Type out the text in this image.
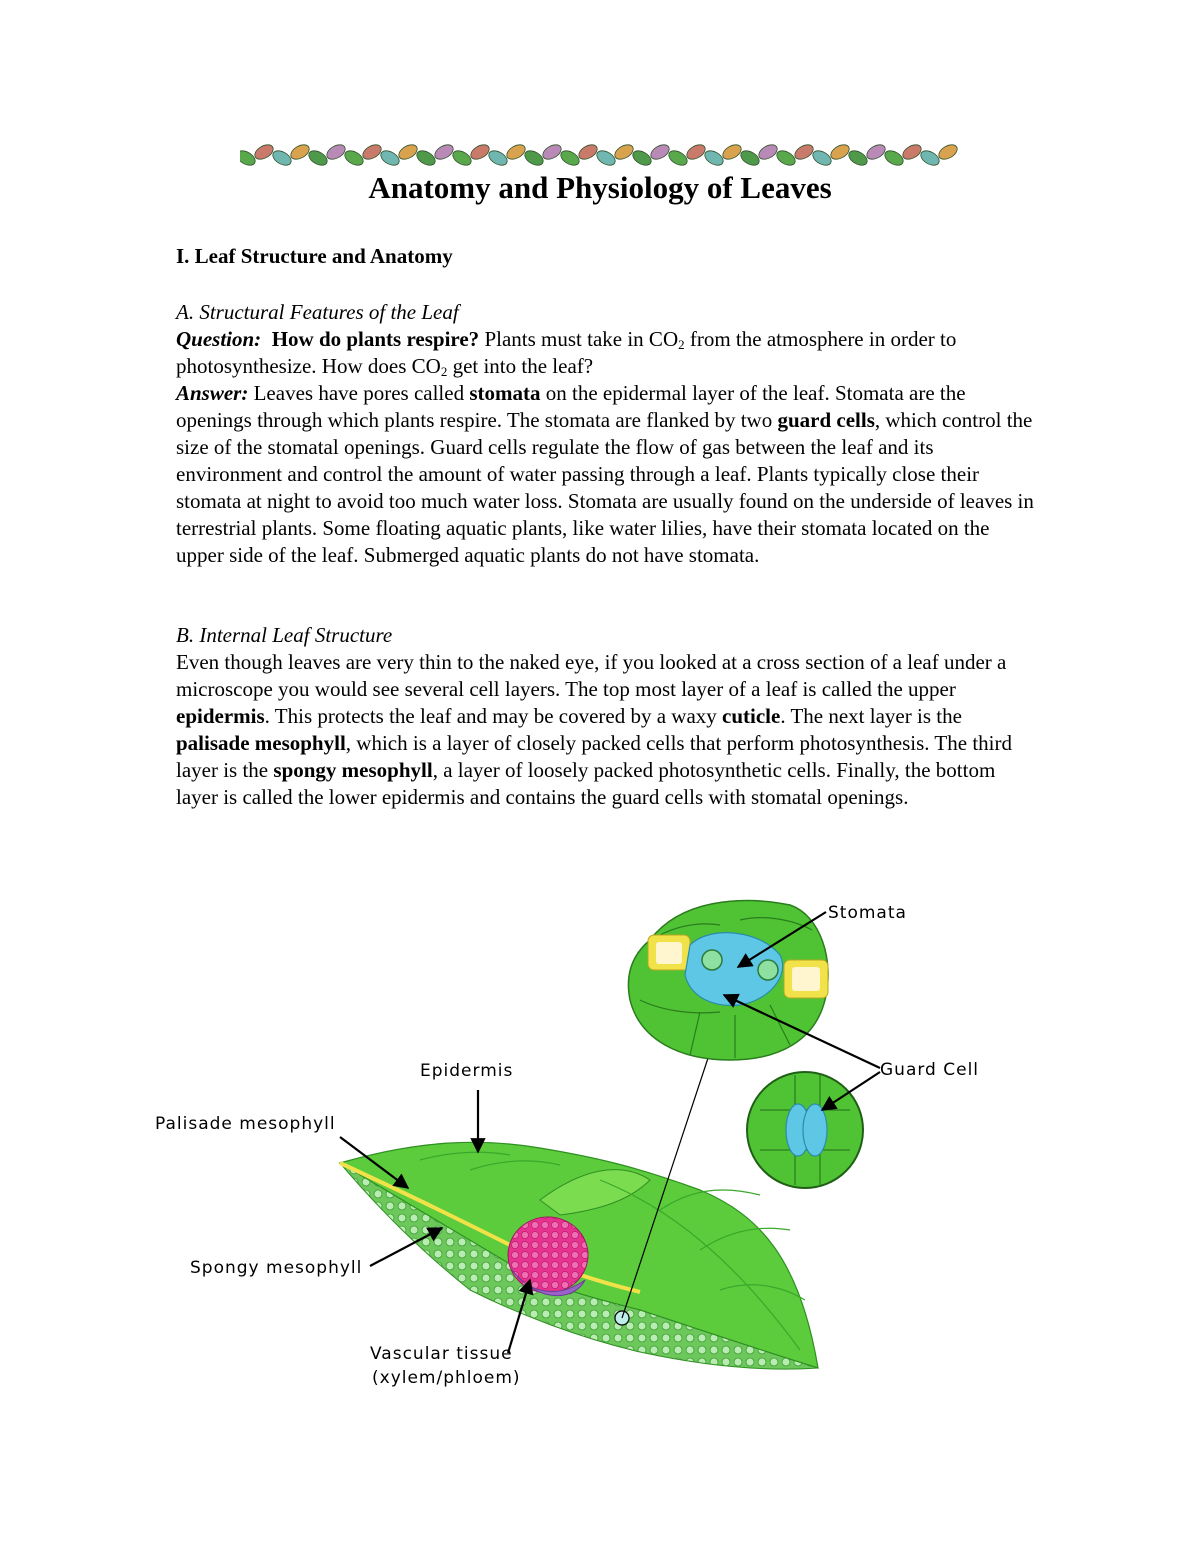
Anatomy and Physiology of Leaves
I. Leaf Structure and Anatomy
A. Structural Features of the Leaf
Question: How do plants respire? Plants must take in $CO_2$ from the atmosphere in order to photosynthesize. How does $CO_2$ get into the leaf?
Answer: Leaves have pores called stomata on the epidermal layer of the leaf. Stomata are the openings through which plants respire. The stomata are flanked by two guard cells, which control the size of the stomatal openings. Guard cells regulate the flow of gas between the leaf and its environment and control the amount of water passing through a leaf. Plants typically close their stomata at night to avoid too much water loss. Stomata are usually found on the underside of leaves in terrestrial plants. Some floating aquatic plants, like water lilies, have their stomata located on the upper side of the leaf. Submerged aquatic plants do not have stomata.
B. Internal Leaf Structure
Even though leaves are very thin to the naked eye, if you looked at a cross section of a leaf under a microscope you would see several cell layers. The top most layer of a leaf is called the upper epidermis. This protects the leaf and may be covered by a waxy cuticle. The next layer is the palisade mesophyll, which is a layer of closely packed cells that perform photosynthesis. The third layer is the spongy mesophyll, a layer of loosely packed photosynthetic cells. Finally, the bottom layer is called the lower epidermis and contains the guard cells with stomatal openings.
Stomata
Guard Cell
Epidermis
Palisade mesophyll
Spongy mesophyll
Vascular tissue
(xylem/phloem)
